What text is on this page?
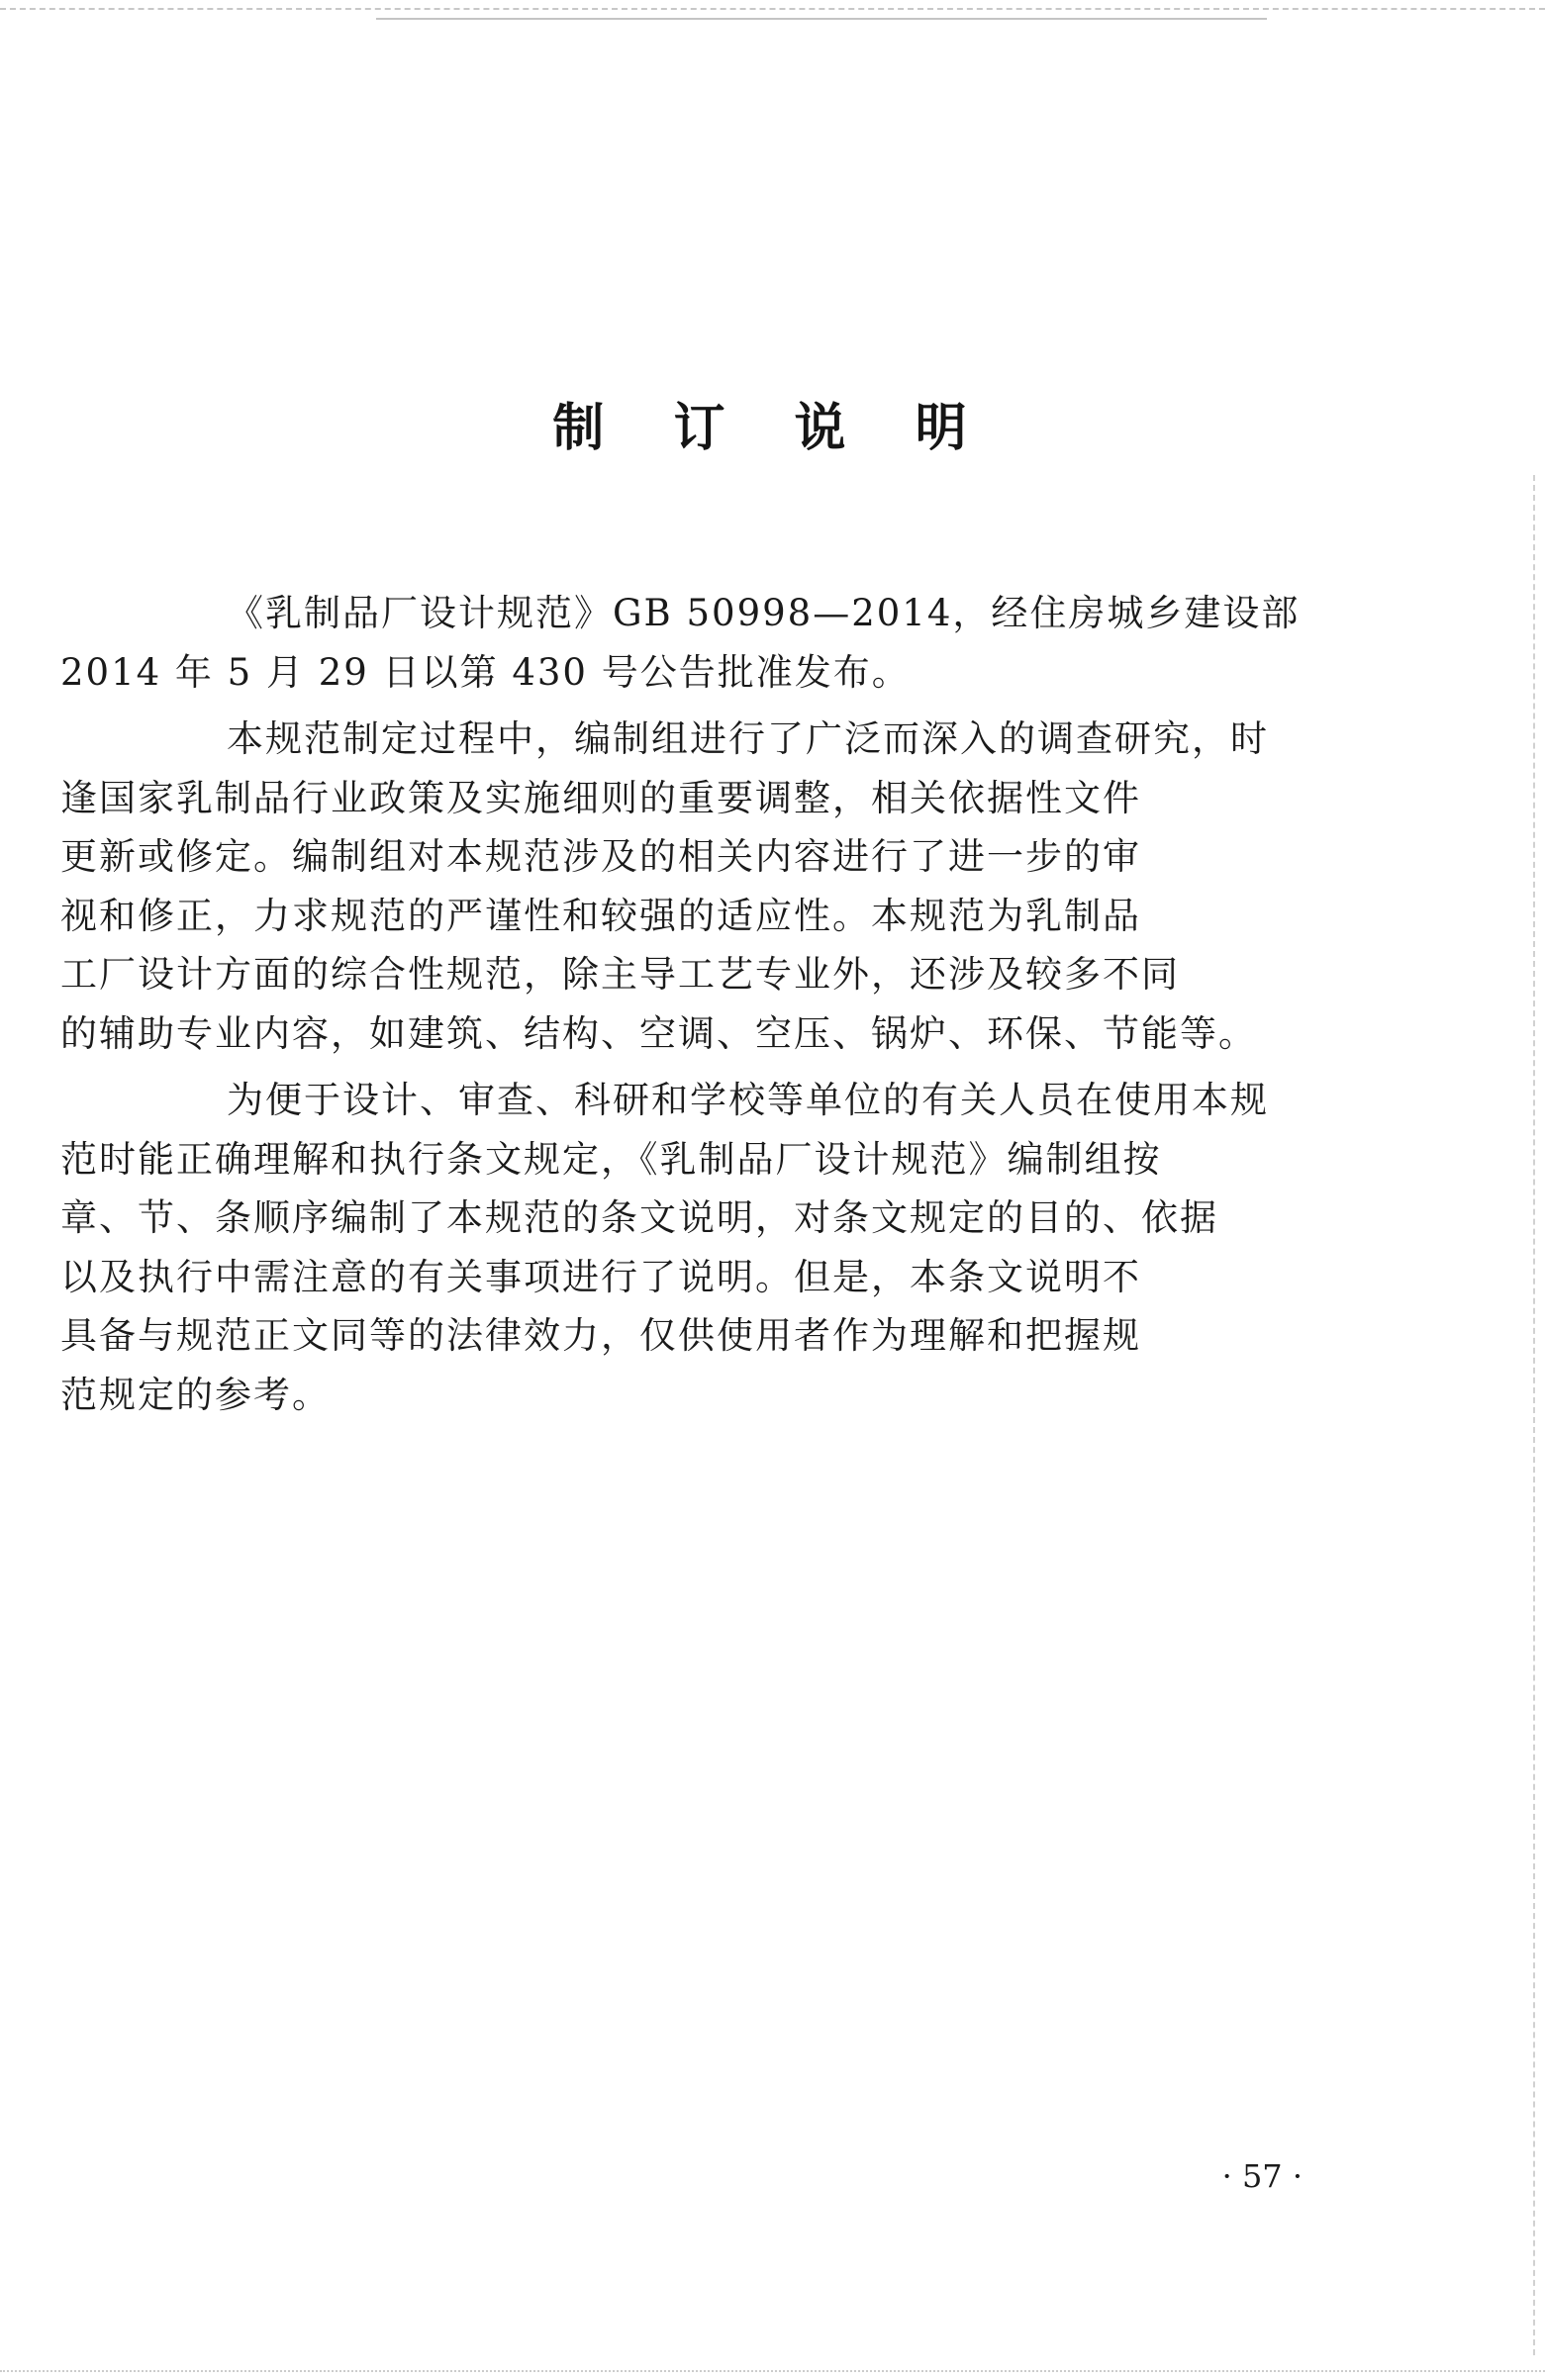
制 订 说 明

《乳制品厂设计规范》GB 50998—2014，经住房城乡建设部
2014 年 5 月 29 日以第 430 号公告批准发布。

本规范制定过程中，编制组进行了广泛而深入的调查研究，时
逢国家乳制品行业政策及实施细则的重要调整，相关依据性文件
更新或修定。编制组对本规范涉及的相关内容进行了进一步的审
视和修正，力求规范的严谨性和较强的适应性。本规范为乳制品
工厂设计方面的综合性规范，除主导工艺专业外，还涉及较多不同
的辅助专业内容，如建筑、结构、空调、空压、锅炉、环保、节能等。

为便于设计、审查、科研和学校等单位的有关人员在使用本规
范时能正确理解和执行条文规定，《乳制品厂设计规范》编制组按
章、节、条顺序编制了本规范的条文说明，对条文规定的目的、依据
以及执行中需注意的有关事项进行了说明。但是，本条文说明不
具备与规范正文同等的法律效力，仅供使用者作为理解和把握规
范规定的参考。

· 57 ·
